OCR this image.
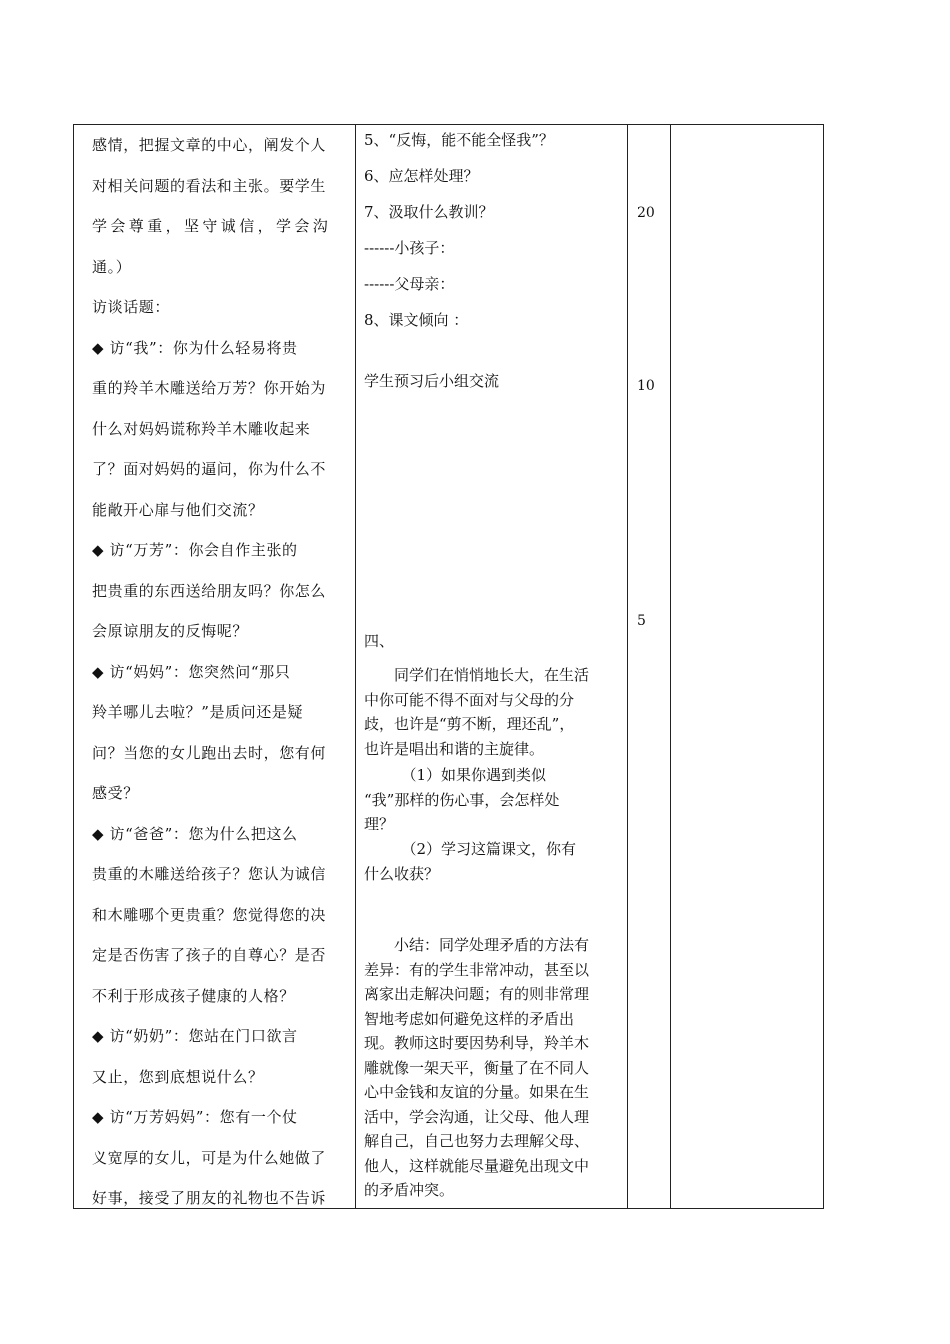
感情，把握文章的中心，阐发个人

对相关问题的看法和主张。要学生

学会尊重，坚守诚信，学会沟

通。）

访谈话题：

◆ 访“我”：你为什么轻易将贵

重的羚羊木雕送给万芳？你开始为

什么对妈妈谎称羚羊木雕收起来

了？面对妈妈的逼问，你为什么不

能敞开心扉与他们交流？

◆ 访“万芳”：你会自作主张的

把贵重的东西送给朋友吗？你怎么

会原谅朋友的反悔呢？

◆ 访“妈妈”：您突然问“那只

羚羊哪儿去啦？”是质问还是疑

问？当您的女儿跑出去时，您有何

感受？

◆ 访“爸爸”：您为什么把这么

贵重的木雕送给孩子？您认为诚信

和木雕哪个更贵重？您觉得您的决

定是否伤害了孩子的自尊心？是否

不利于形成孩子健康的人格？

◆ 访“奶奶”：您站在门口欲言

又止，您到底想说什么？

◆ 访“万芳妈妈”：您有一个仗

义宽厚的女儿，可是为什么她做了

好事，接受了朋友的礼物也不告诉

5、“反悔，能不能全怪我”？
6、应怎样处理？
7、汲取什么教训？
------小孩子：
------父母亲：
8、课文倾向 ：
学生预习后小组交流
四、
　　同学们在悄悄地长大，在生活
中你可能不得不面对与父母的分
歧，也许是“剪不断，理还乱”，
也许是唱出和谐的主旋律。
　　　（1）如果你遇到类似
“我”那样的伤心事，会怎样处
理？
　　　（2）学习这篇课文，你有
什么收获？
　　小结：同学处理矛盾的方法有
差异：有的学生非常冲动，甚至以
离家出走解决问题；有的则非常理
智地考虑如何避免这样的矛盾出
现。教师这时要因势利导，羚羊木
雕就像一架天平，衡量了在不同人
心中金钱和友谊的分量。如果在生
活中，学会沟通，让父母、他人理
解自己，自己也努力去理解父母、
他人，这样就能尽量避免出现文中
的矛盾冲突。
20
10
5
